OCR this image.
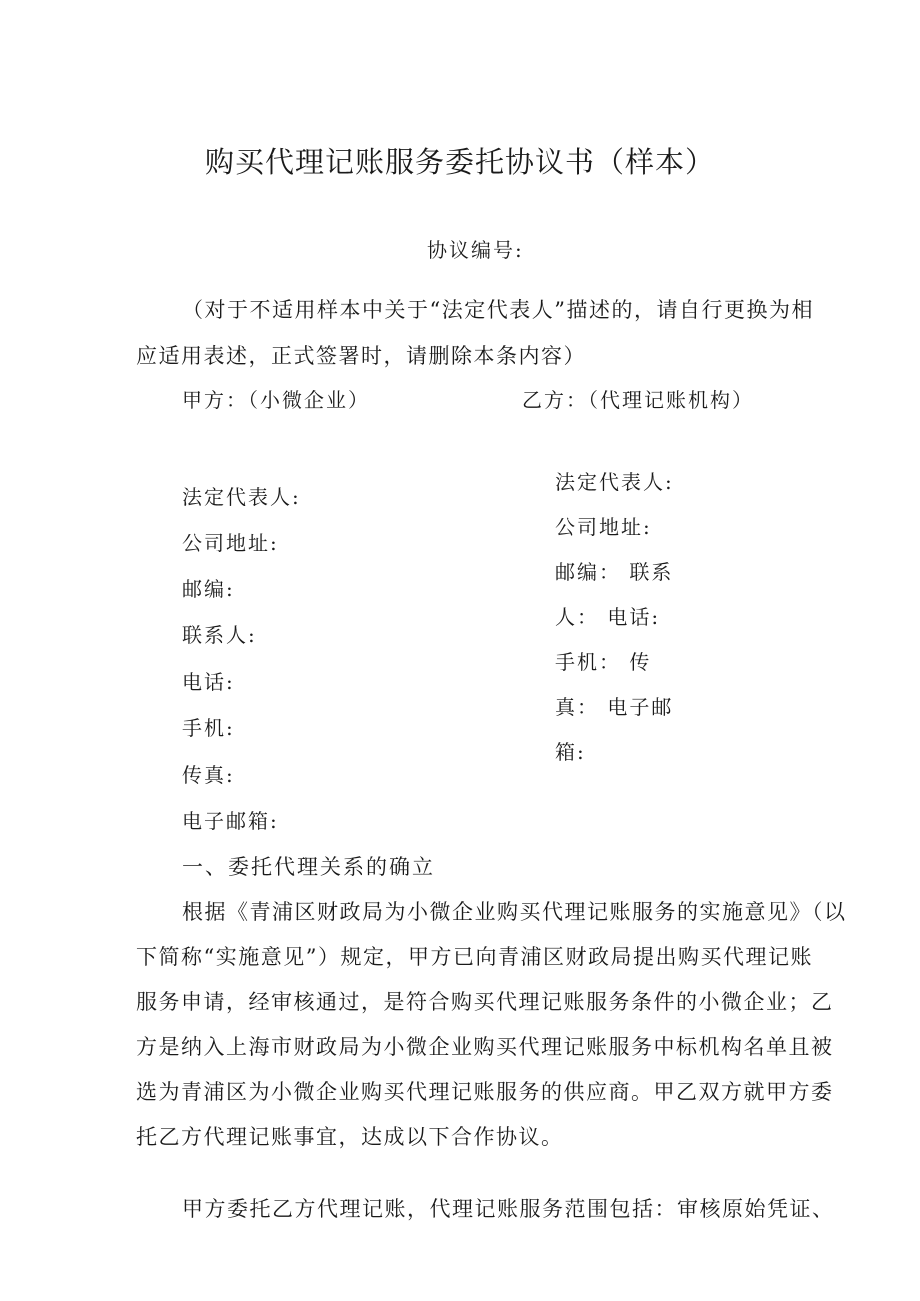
购买代理记账服务委托协议书（样本）
协议编号:
（对于不适用样本中关于“法定代表人”描述的，请自行更换为相
应适用表述，正式签署时，请删除本条内容）
甲方：（小微企业）	乙方：（代理记账机构）
法定代表人:
公司地址:
邮编:
联系人:
电话:
手机:
传真:
电子邮箱:
法定代表人:
公司地址:
邮编： 联系
人： 电话:
手机： 传
真： 电子邮
箱:
一、委托代理关系的确立
根据《青浦区财政局为小微企业购买代理记账服务的实施意见》（以
下简称“实施意见”）规定，甲方已向青浦区财政局提出购买代理记账
服务申请，经审核通过，是符合购买代理记账服务条件的小微企业；乙
方是纳入上海市财政局为小微企业购买代理记账服务中标机构名单且被
选为青浦区为小微企业购买代理记账服务的供应商。甲乙双方就甲方委
托乙方代理记账事宜，达成以下合作协议。
甲方委托乙方代理记账，代理记账服务范围包括：审核原始凭证、
